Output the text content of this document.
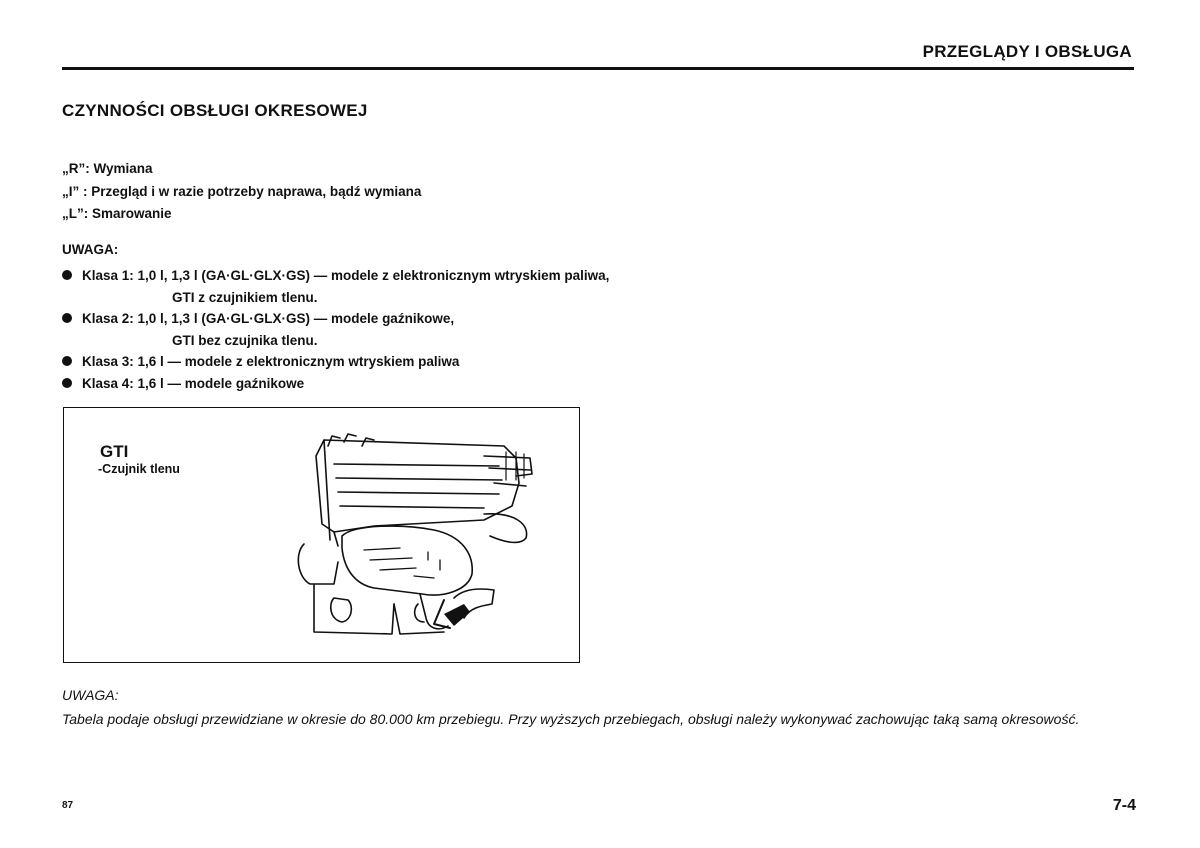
PRZEGLĄDY I OBSŁUGA
CZYNNOŚCI OBSŁUGI OKRESOWEJ
„R”: Wymiana
„I” : Przegląd i w razie potrzeby naprawa, bądź wymiana
„L”: Smarowanie
UWAGA:
Klasa 1: 1,0 l, 1,3 l (GA·GL·GLX·GS) — modele z elektronicznym wtryskiem paliwa,
GTI z czujnikiem tlenu.
Klasa 2: 1,0 l, 1,3 l (GA·GL·GLX·GS) — modele gaźnikowe,
GTI bez czujnika tlenu.
Klasa 3: 1,6 l — modele z elektronicznym wtryskiem paliwa
Klasa 4: 1,6 l — modele gaźnikowe
GTI
-Czujnik tlenu
UWAGA:
Tabela podaje obsługi przewidziane w okresie do 80.000 km przebiegu. Przy wyższych przebiegach, obsługi należy wykonywać zachowując taką samą okresowość.
87	7-4
